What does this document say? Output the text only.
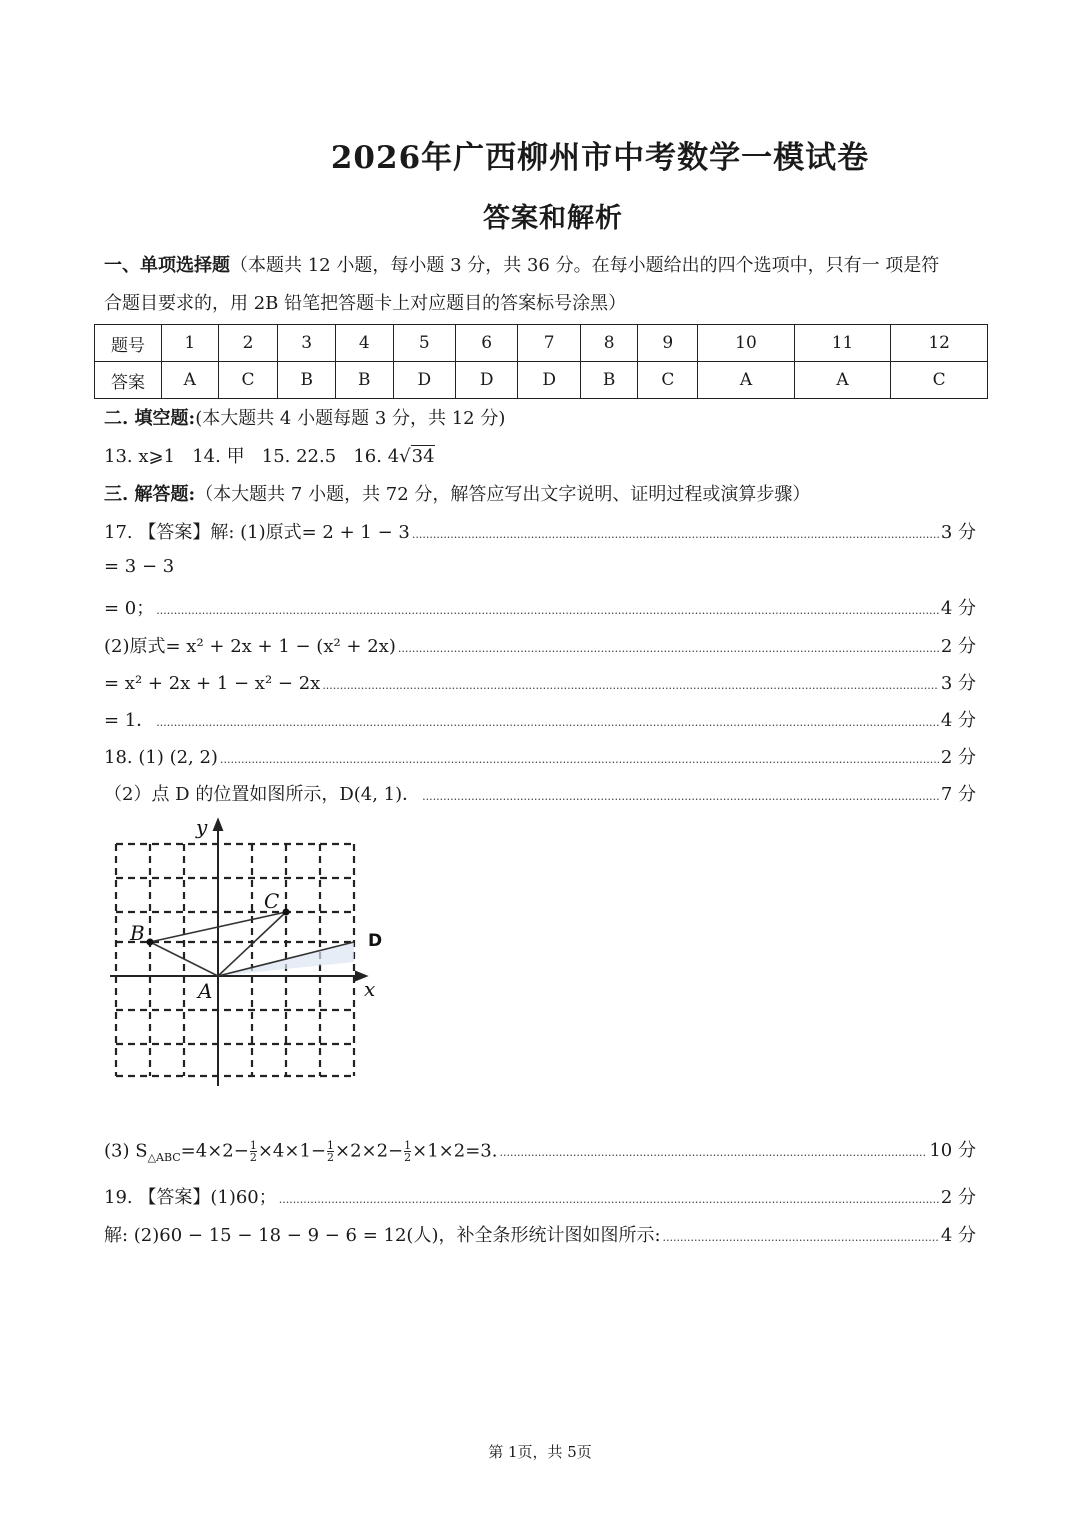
2026年广西柳州市中考数学一模试卷
答案和解析
一、单项选择题（本题共 12 小题，每小题 3 分，共 36 分。在每小题给出的四个选项中，只有一 项是符
合题目要求的，用 2B 铅笔把答题卡上对应题目的答案标号涂黑）
题号	1	2	3	4	5	6	7	8	9	10	11	12
答案	A	C	B	B	D	D	D	B	C	A	A	C
二. 填空题:(本大题共 4 小题每题 3 分，共 12 分)
13. x⩾1 14. 甲 15. 22.5 16. 4√34
三. 解答题:（本大题共 7 小题，共 72 分，解答应写出文字说明、证明过程或演算步骤）
17. 【答案】解: (1)原式= 2 + 1 − 3 .....	3 分
= 3 − 3
= 0； .....	4 分
(2)原式= x² + 2x + 1 − (x² + 2x) .....	2 分
= x² + 2x + 1 − x² − 2x .....	3 分
= 1． .....	4 分
18. (1) (2, 2) .....	2 分
（2）点 D 的位置如图所示，D(4, 1)． .....	7 分
y
x
A
B
C
D
(3) $S_{\triangle ABC}=4\times 2- \frac{1}{2} \times 4\times 1- \frac{1}{2} \times 2\times 2- \frac{1}{2} \times 1\times 2=3$. .....	10 分
19. 【答案】(1)60； .....	2 分
解: (2)60 − 15 − 18 − 9 − 6 = 12(人)，补全条形统计图如图所示: .....	4 分
第 1页，共 5页
